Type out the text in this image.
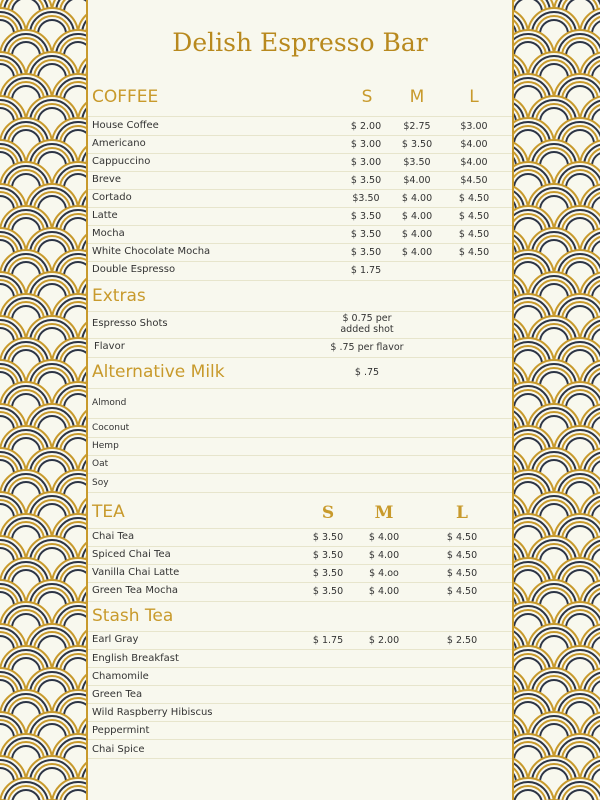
Delish Espresso Bar
COFFEE	S	M	L
House Coffee	$ 2.00	$2.75	$3.00
Americano	$ 3.00	$ 3.50	$4.00
Cappuccino	$ 3.00	$3.50	$4.00
Breve	$ 3.50	$4.00	$4.50
Cortado	$3.50	$ 4.00	$ 4.50
Latte	$ 3.50	$ 4.00	$ 4.50
Mocha	$ 3.50	$ 4.00	$ 4.50
White Chocolate Mocha	$ 3.50	$ 4.00	$ 4.50
Double Espresso	$ 1.75
Extras
Espresso Shots	$ 0.75 per
added shot
Flavor	$ .75 per flavor
Alternative Milk	$ .75
Almond
Coconut
Hemp
Oat
Soy
TEA	S	M	L
Chai Tea	$ 3.50	$ 4.00	$ 4.50
Spiced Chai Tea	$ 3.50	$ 4.00	$ 4.50
Vanilla Chai Latte	$ 3.50	$ 4.oo	$ 4.50
Green Tea Mocha	$ 3.50	$ 4.00	$ 4.50
Stash Tea
Earl Gray	$ 1.75	$ 2.00	$ 2.50
English Breakfast
Chamomile
Green Tea
Wild Raspberry Hibiscus
Peppermint
Chai Spice
